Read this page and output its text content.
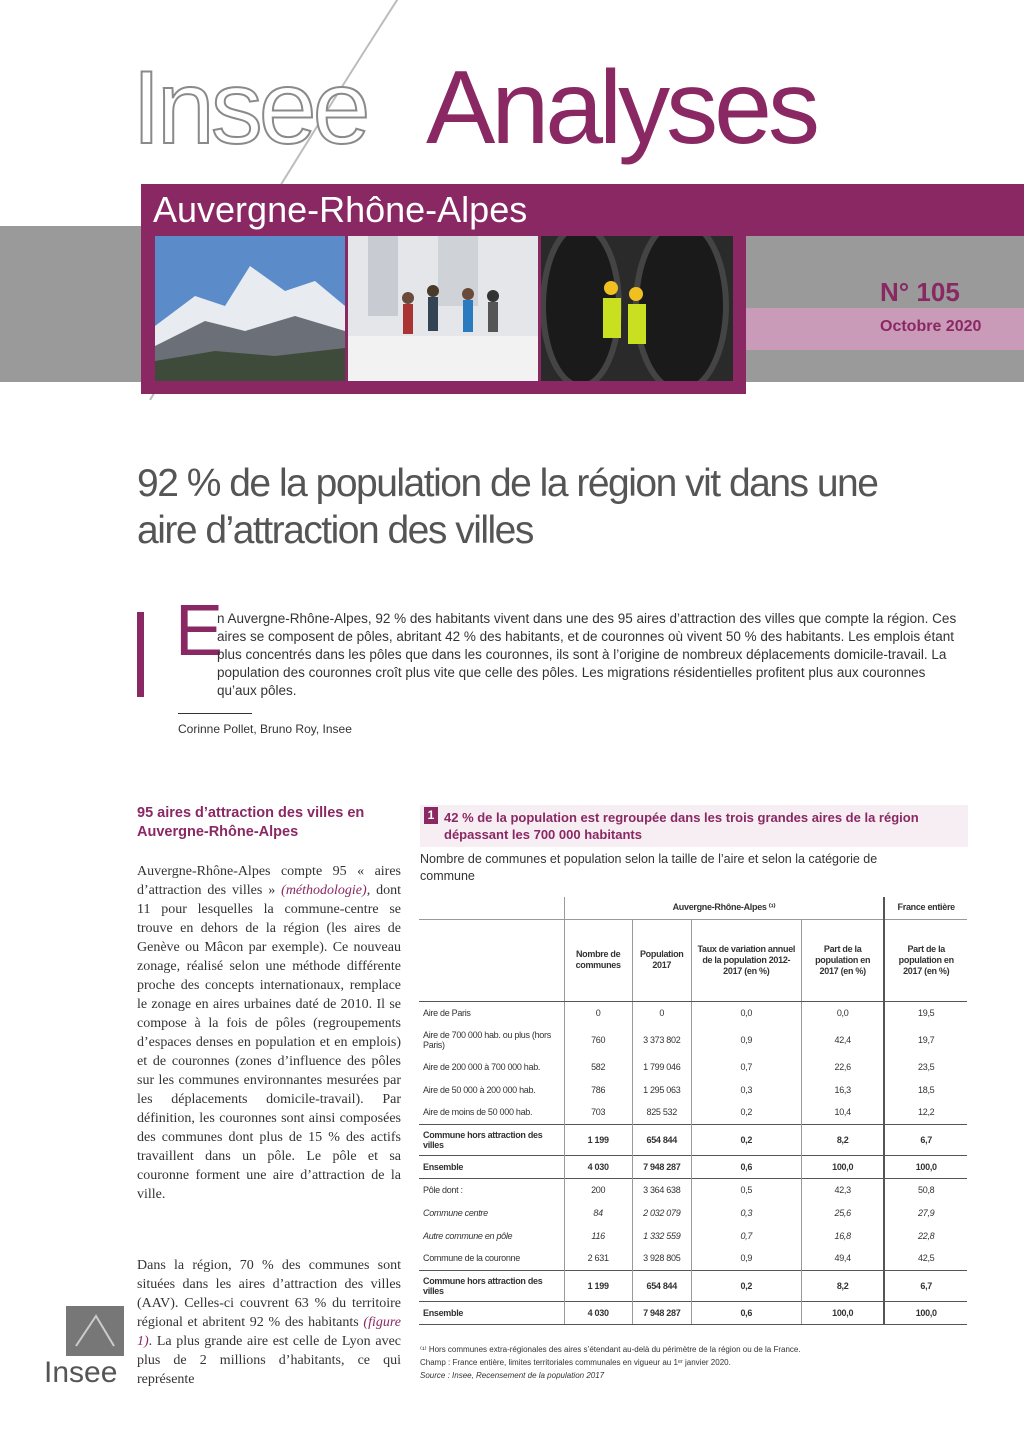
Insee Analyses
Auvergne-Rhône-Alpes
N° 105
Octobre 2020
92 % de la population de la région vit dans une aire d’attraction des villes
E

n Auvergne-Rhône-Alpes, 92 % des habitants vivent dans une des 95 aires d’attraction des villes que compte la région. Ces aires se composent de pôles, abritant 42 % des habitants, et de couronnes où vivent 50 % des habitants. Les emplois étant plus concentrés dans les pôles que dans les couronnes, ils sont à l’origine de nombreux déplacements domicile-travail. La population des couronnes croît plus vite que celle des pôles. Les migrations résidentielles profitent plus aux couronnes qu’aux pôles.

Corinne Pollet, Bruno Roy, Insee
95 aires d’attraction des villes en Auvergne-Rhône-Alpes

Auvergne-Rhône-Alpes compte 95 « aires d’attraction des villes » (méthodologie), dont 11 pour lesquelles la commune-centre se trouve en dehors de la région (les aires de Genève ou Mâcon par exemple). Ce nouveau zonage, réalisé selon une méthode différente proche des concepts internationaux, remplace le zonage en aires urbaines daté de 2010. Il se compose à la fois de pôles (regroupements d’espaces denses en population et en emplois) et de couronnes (zones d’influence des pôles sur les communes environnantes mesurées par les déplacements domicile-travail). Par définition, les couronnes sont ainsi composées des communes dont plus de 15 % des actifs travaillent dans un pôle. Le pôle et sa couronne forment une aire d’attraction de la ville.

Dans la région, 70 % des communes sont situées dans les aires d’attraction des villes (AAV). Celles-ci couvrent 63 % du territoire régional et abritent 92 % des habitants (figure 1). La plus grande aire est celle de Lyon avec plus de 2 millions d’habitants, ce qui représente

Insee
1 42 % de la population est regroupée dans les trois grandes aires de la région dépassant les 700 000 habitants
Nombre de communes et population selon la taille de l’aire et selon la catégorie de commune
	Auvergne-Rhône-Alpes ⁽¹⁾				France entière
	Nombre de communes	Population 2017	Taux de variation annuel de la population 2012-2017 (en %)	Part de la population en 2017 (en %)	Part de la population en 2017 (en %)
Aire de Paris	0	0	0,0	0,0	19,5
Aire de 700 000 hab. ou plus (hors Paris)	760	3 373 802	0,9	42,4	19,7
Aire de 200 000 à 700 000 hab.	582	1 799 046	0,7	22,6	23,5
Aire de 50 000 à 200 000 hab.	786	1 295 063	0,3	16,3	18,5
Aire de moins de 50 000 hab.	703	825 532	0,2	10,4	12,2
Commune hors attraction des villes	1 199	654 844	0,2	8,2	6,7
Ensemble	4 030	7 948 287	0,6	100,0	100,0
Pôle dont :	200	3 364 638	0,5	42,3	50,8
Commune centre	84	2 032 079	0,3	25,6	27,9
Autre commune en pôle	116	1 332 559	0,7	16,8	22,8
Commune de la couronne	2 631	3 928 805	0,9	49,4	42,5
Commune hors attraction des villes	1 199	654 844	0,2	8,2	6,7
Ensemble	4 030	7 948 287	0,6	100,0	100,0
⁽¹⁾ Hors communes extra-régionales des aires s’étendant au-delà du périmètre de la région ou de la France.
Champ : France entière, limites territoriales communales en vigueur au 1ᵉʳ janvier 2020.
Source : Insee, Recensement de la population 2017
